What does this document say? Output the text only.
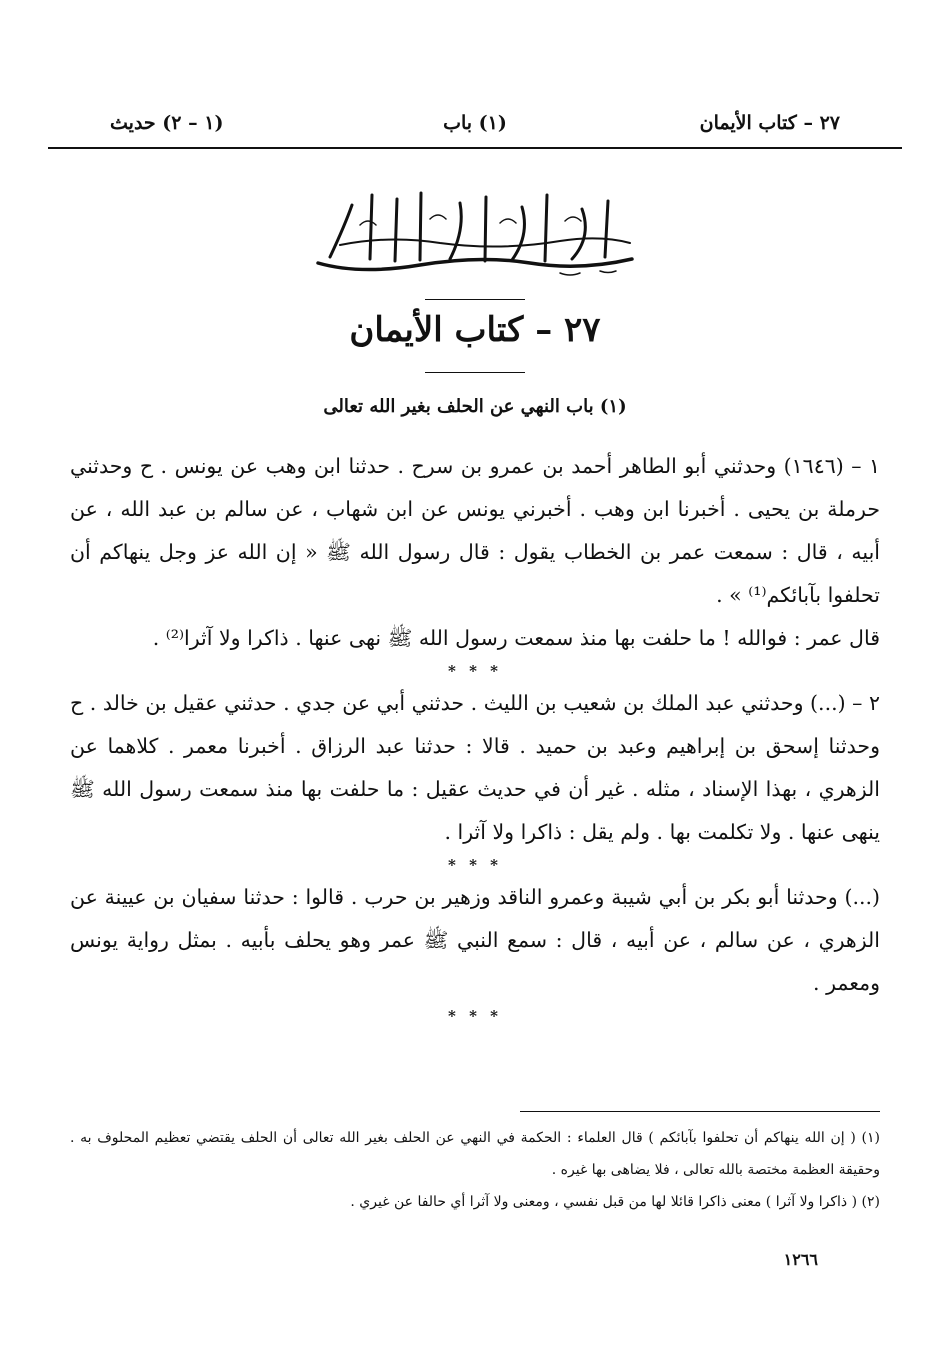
٢٧ – كتاب الأيمان
(١) باب
(١ – ٢) حديث
٢٧ – كتاب الأيمان
(١) باب النهي عن الحلف بغير الله تعالى

١ – (١٦٤٦) وحدثني أبو الطاهر أحمد بن عمرو بن سرح . حدثنا ابن وهب عن يونس . ح وحدثني حرملة بن يحيى . أخبرنا ابن وهب . أخبرني يونس عن ابن شهاب ، عن سالم بن عبد الله ، عن أبيه ، قال : سمعت عمر بن الخطاب يقول : قال رسول الله ﷺ « إن الله عز وجل ينهاكم أن تحلفوا بآبائكم⁽¹⁾ » .

قال عمر : فوالله ! ما حلفت بها منذ سمعت رسول الله ﷺ نهى عنها . ذاكرا ولا آثرا⁽²⁾ .

* * *

٢ – (...) وحدثني عبد الملك بن شعيب بن الليث . حدثني أبي عن جدي . حدثني عقيل بن خالد . ح وحدثنا إسحق بن إبراهيم وعبد بن حميد . قالا : حدثنا عبد الرزاق . أخبرنا معمر . كلاهما عن الزهري ، بهذا الإسناد ، مثله . غير أن في حديث عقيل : ما حلفت بها منذ سمعت رسول الله ﷺ ينهى عنها . ولا تكلمت بها . ولم يقل : ذاكرا ولا آثرا .

* * *

(...) وحدثنا أبو بكر بن أبي شيبة وعمرو الناقد وزهير بن حرب . قالوا : حدثنا سفيان بن عيينة عن الزهري ، عن سالم ، عن أبيه ، قال : سمع النبي ﷺ عمر وهو يحلف بأبيه . بمثل رواية يونس ومعمر .

* * *

(١) ( إن الله ينهاكم أن تحلفوا بآبائكم ) قال العلماء : الحكمة في النهي عن الحلف بغير الله تعالى أن الحلف يقتضي تعظيم المحلوف به . وحقيقة العظمة مختصة بالله تعالى ، فلا يضاهى بها غيره .

(٢) ( ذاكرا ولا آثرا ) معنى ذاكرا قائلا لها من قبل نفسي ، ومعنى ولا آثرا أي حالفا عن غيري .

١٢٦٦
